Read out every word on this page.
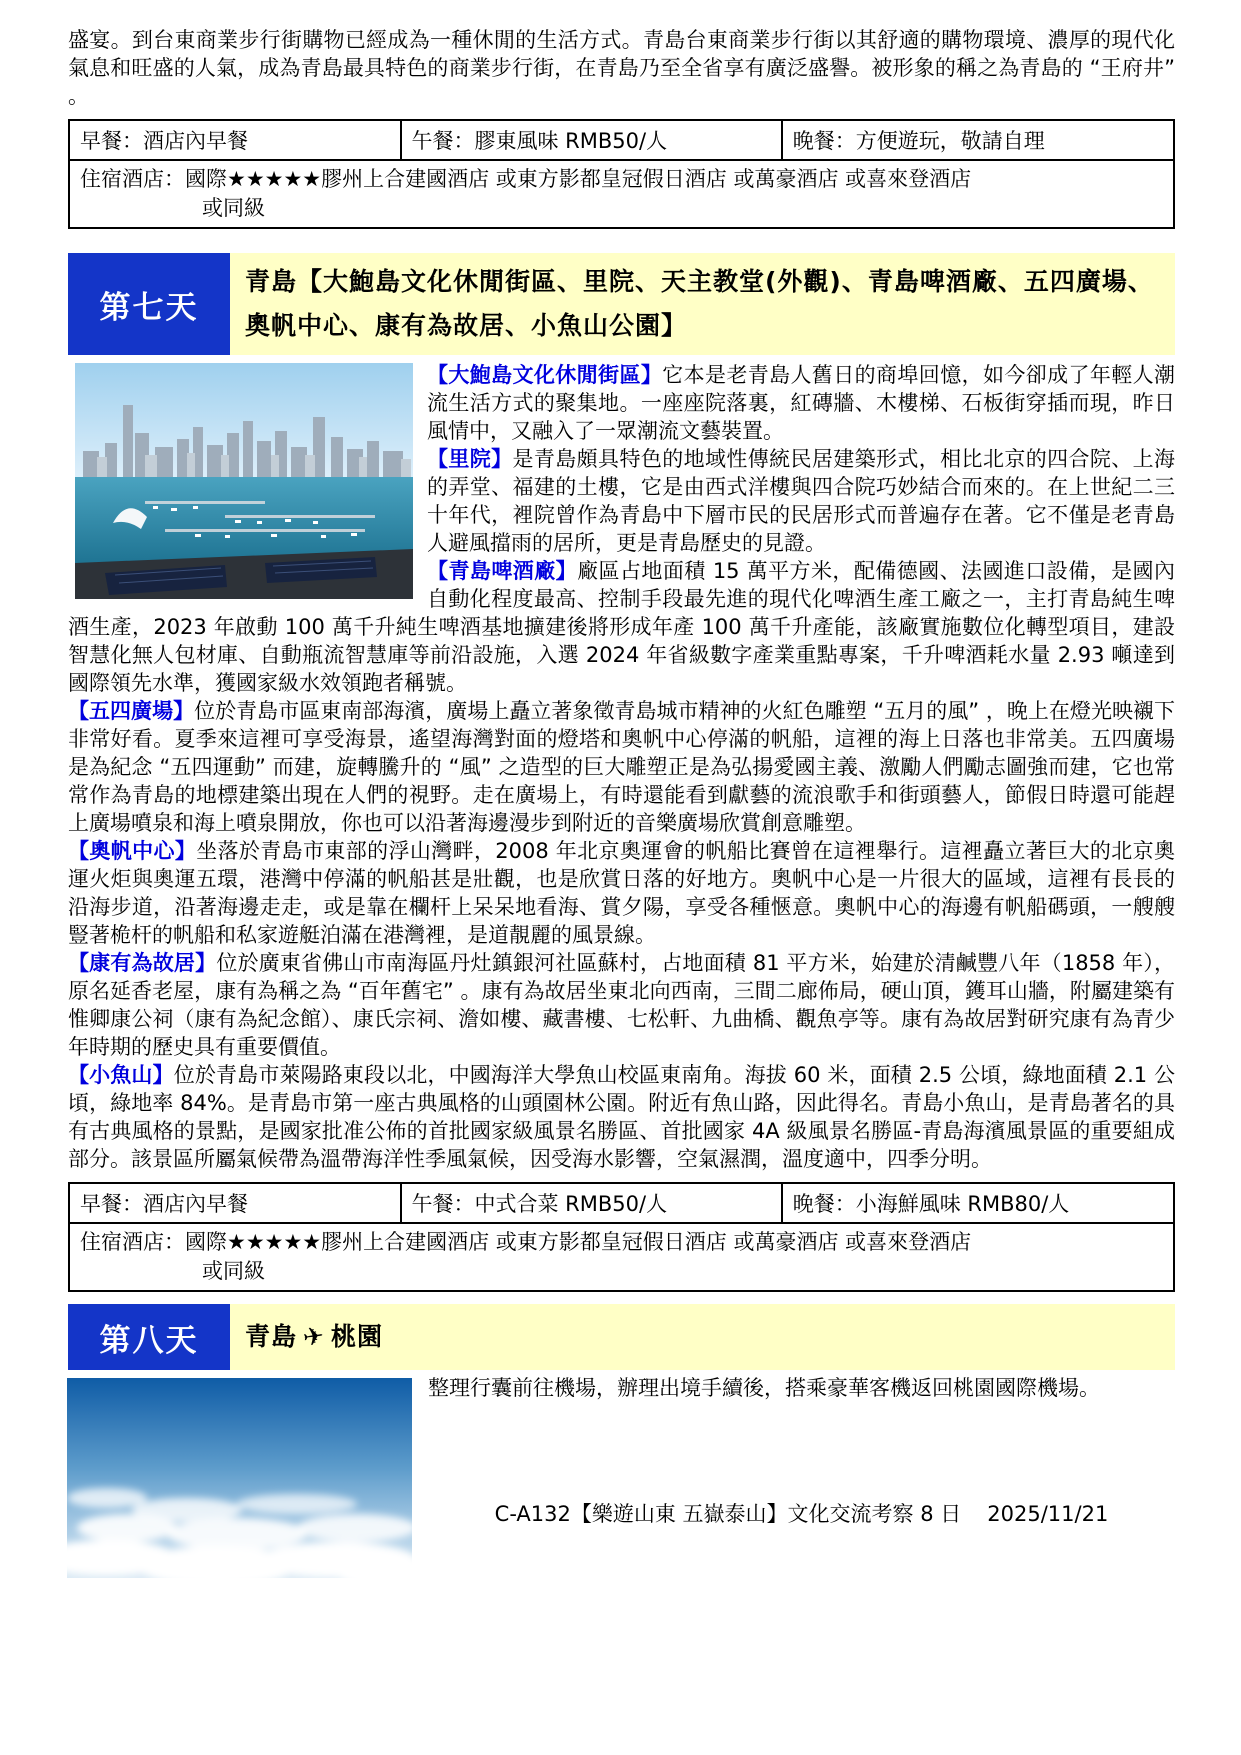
盛宴。到台東商業步行街購物已經成為一種休閒的生活方式。青島台東商業步行街以其舒適的購物環境、濃厚的現代化氣息和旺盛的人氣，成為青島最具特色的商業步行街，在青島乃至全省享有廣泛盛譽。被形象的稱之為青島的 “王府井” 。

早餐：酒店內早餐	午餐：膠東風味 RMB50/人	晚餐：方便遊玩，敬請自理

住宿酒店：國際★★★★★膠州上合建國酒店 或東方影都皇冠假日酒店 或萬豪酒店 或喜來登酒店
或同級
第七天
青島【大鮑島文化休閒街區、里院、天主教堂(外觀)、青島啤酒廠、五四廣場、奧帆中心、康有為故居、小魚山公園】

【大鮑島文化休閒街區】它本是老青島人舊日的商埠回憶，如今卻成了年輕人潮流生活方式的聚集地。一座座院落裏，紅磚牆、木樓梯、石板街穿插而現，昨日風情中，又融入了一眾潮流文藝裝置。

【里院】是青島頗具特色的地域性傳統民居建築形式，相比北京的四合院、上海的弄堂、福建的土樓，它是由西式洋樓與四合院巧妙結合而來的。在上世紀二三十年代，裡院曾作為青島中下層市民的民居形式而普遍存在著。它不僅是老青島人避風擋雨的居所，更是青島歷史的見證。

【青島啤酒廠】廠區占地面積 15 萬平方米，配備德國、法國進口設備，是國內自動化程度最高、控制手段最先進的現代化啤酒生產工廠之一，主打青島純生啤酒生產，2023 年啟動 100 萬千升純生啤酒基地擴建後將形成年產 100 萬千升產能，該廠實施數位化轉型項目，建設智慧化無人包材庫、自動瓶流智慧庫等前沿設施，入選 2024 年省級數字產業重點專案，千升啤酒耗水量 2.93 噸達到國際領先水準，獲國家級水效領跑者稱號。

【五四廣場】位於青島市區東南部海濱，廣場上矗立著象徵青島城市精神的火紅色雕塑 “五月的風” ，晚上在燈光映襯下非常好看。夏季來這裡可享受海景，遙望海灣對面的燈塔和奧帆中心停滿的帆船，這裡的海上日落也非常美。五四廣場是為紀念 “五四運動” 而建，旋轉騰升的 “風” 之造型的巨大雕塑正是為弘揚愛國主義、激勵人們勵志圖強而建，它也常常作為青島的地標建築出現在人們的視野。走在廣場上，有時還能看到獻藝的流浪歌手和街頭藝人，節假日時還可能趕上廣場噴泉和海上噴泉開放，你也可以沿著海邊漫步到附近的音樂廣場欣賞創意雕塑。

【奧帆中心】坐落於青島市東部的浮山灣畔，2008 年北京奧運會的帆船比賽曾在這裡舉行。這裡矗立著巨大的北京奧運火炬與奧運五環，港灣中停滿的帆船甚是壯觀，也是欣賞日落的好地方。奧帆中心是一片很大的區域，這裡有長長的沿海步道，沿著海邊走走，或是靠在欄杆上呆呆地看海、賞夕陽，享受各種愜意。奧帆中心的海邊有帆船碼頭，一艘艘豎著桅杆的帆船和私家遊艇泊滿在港灣裡，是道靚麗的風景線。

【康有為故居】位於廣東省佛山市南海區丹灶鎮銀河社區蘇村，占地面積 81 平方米，始建於清鹹豐八年（1858 年），原名延香老屋，康有為稱之為 “百年舊宅” 。康有為故居坐東北向西南，三間二廊佈局，硬山頂，鑊耳山牆，附屬建築有惟卿康公祠（康有為紀念館）、康氏宗祠、澹如樓、藏書樓、七松軒、九曲橋、觀魚亭等。康有為故居對研究康有為青少年時期的歷史具有重要價值。

【小魚山】位於青島市萊陽路東段以北，中國海洋大學魚山校區東南角。海拔 60 米，面積 2.5 公頃，綠地面積 2.1 公頃，綠地率 84%。是青島市第一座古典風格的山頭園林公園。附近有魚山路，因此得名。青島小魚山，是青島著名的具有古典風格的景點，是國家批准公佈的首批國家級風景名勝區、首批國家 4A 級風景名勝區-青島海濱風景區的重要組成部分。該景區所屬氣候帶為溫帶海洋性季風氣候，因受海水影響，空氣濕潤，溫度適中，四季分明。

早餐：酒店內早餐	午餐：中式合菜 RMB50/人	晚餐：小海鮮風味 RMB80/人

住宿酒店：國際★★★★★膠州上合建國酒店 或東方影都皇冠假日酒店 或萬豪酒店 或喜來登酒店
或同級
第八天	青島 ✈ 桃園

整理行囊前往機場，辦理出境手續後，搭乘豪華客機返回桃園國際機場。

C-A132【樂遊山東 五嶽泰山】文化交流考察 8 日 2025/11/21
